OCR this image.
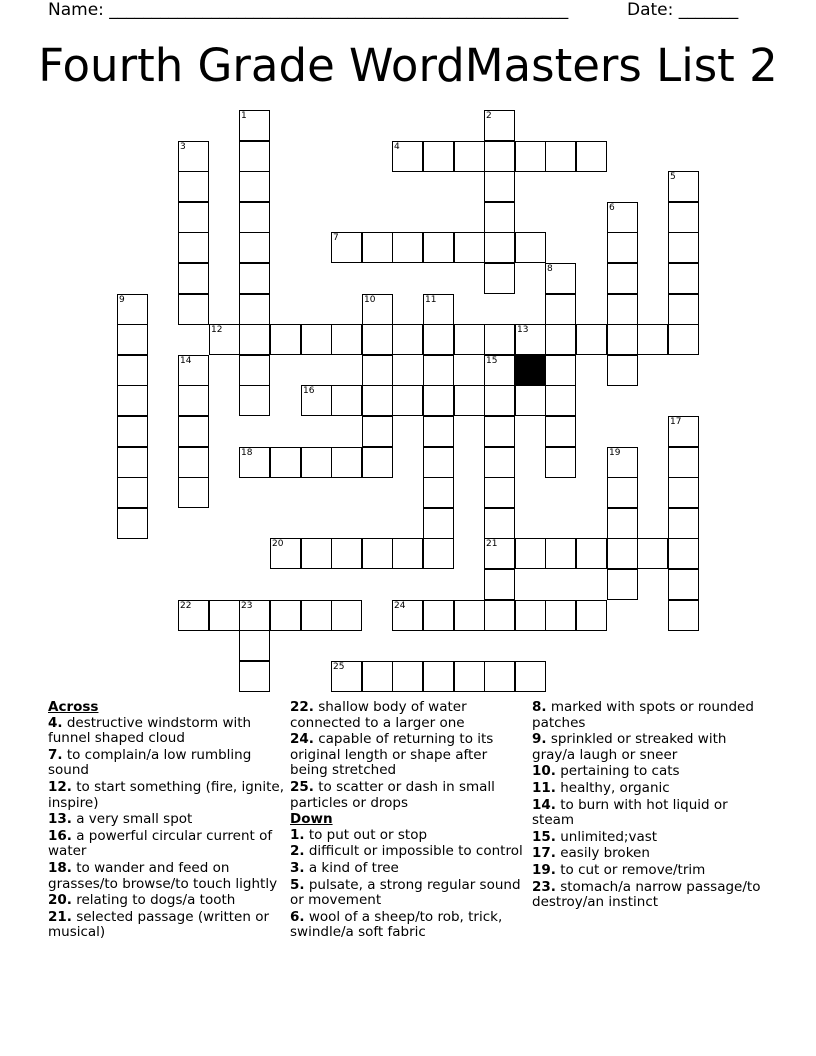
Name: ______________________________________________________	Date: _______
Fourth Grade WordMasters List 2
4
7
12	13
16
18
20	21
22	23	24
25
1	2
3
5
6
8
9	10	11
14	15
17
19
Across
4. destructive windstorm with funnel shaped cloud
7. to complain/a low rumbling sound
12. to start something (fire, ignite, inspire)
13. a very small spot
16. a powerful circular current of water
18. to wander and feed on grasses/to browse/to touch lightly
20. relating to dogs/a tooth
21. selected passage (written or musical)
22. shallow body of water connected to a larger one
24. capable of returning to its original length or shape after being stretched
25. to scatter or dash in small particles or drops
Down
1. to put out or stop
2. difficult or impossible to control
3. a kind of tree
5. pulsate, a strong regular sound or movement
6. wool of a sheep/to rob, trick, swindle/a soft fabric
8. marked with spots or rounded patches
9. sprinkled or streaked with gray/a laugh or sneer
10. pertaining to cats
11. healthy, organic
14. to burn with hot liquid or steam
15. unlimited;vast
17. easily broken
19. to cut or remove/trim
23. stomach/a narrow passage/to destroy/an instinct
